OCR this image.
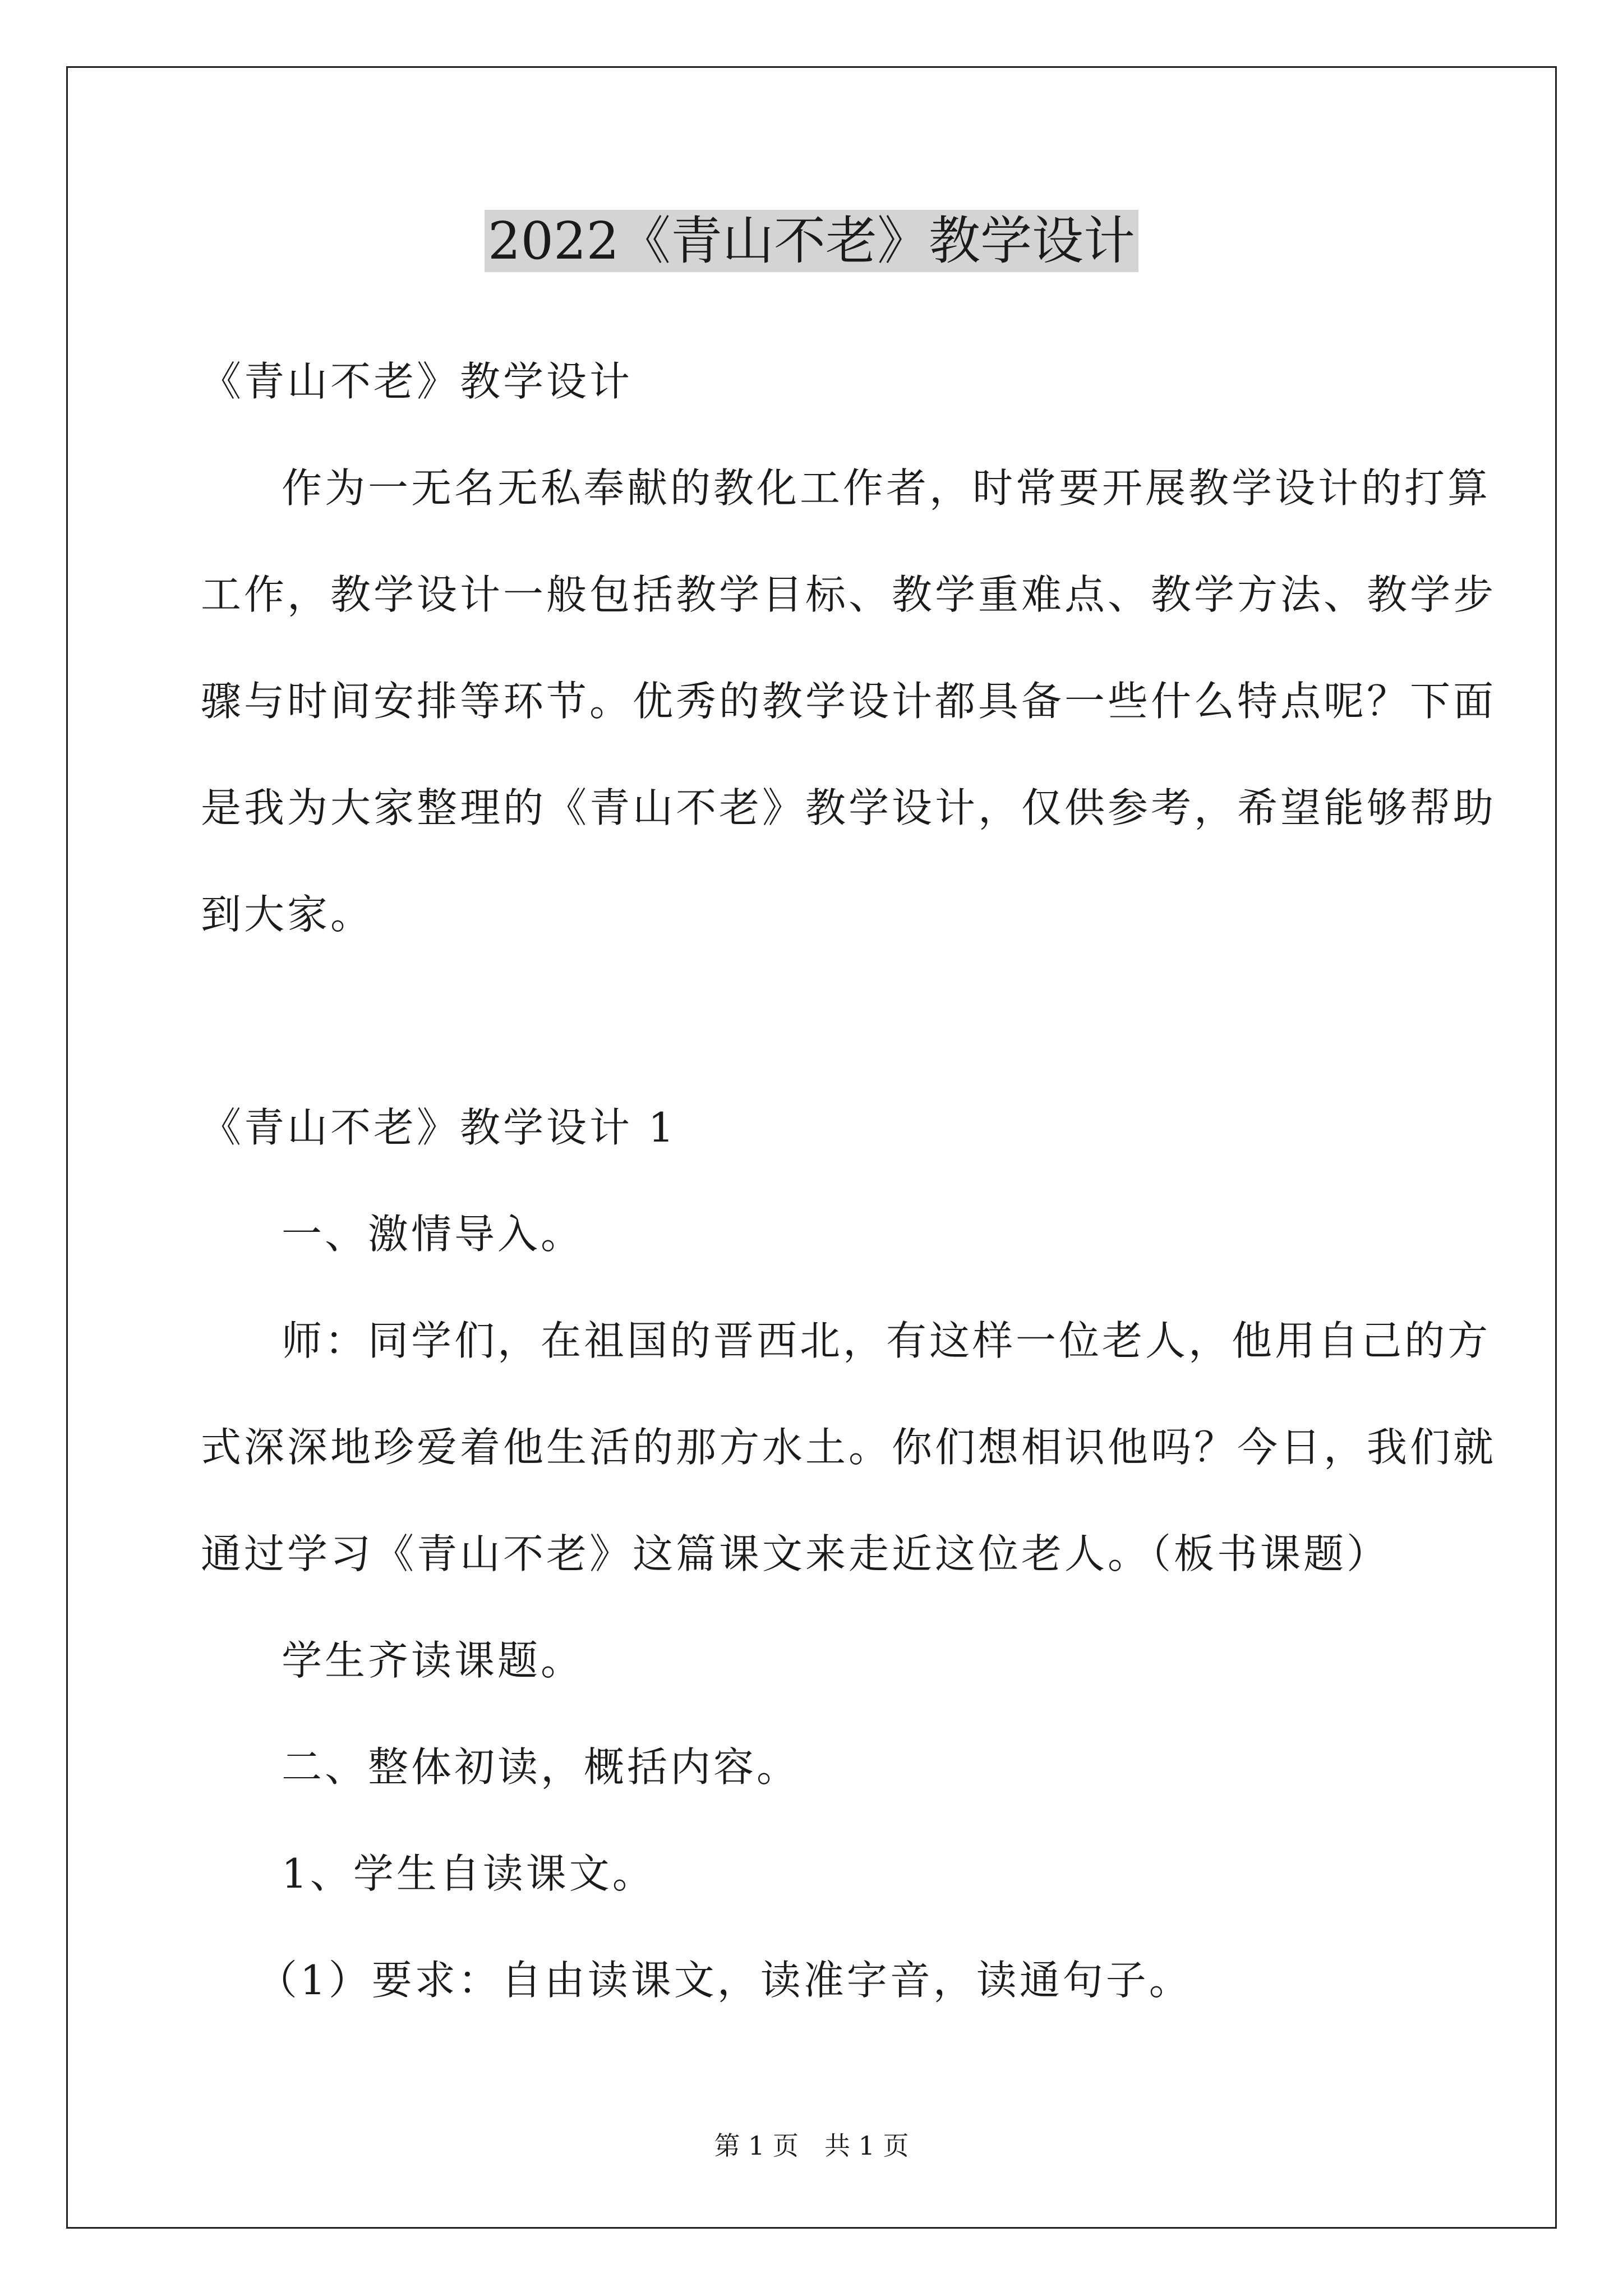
2022《青山不老》教学设计

《青山不老》教学设计

作为一无名无私奉献的教化工作者，时常要开展教学设计的打算

工作，教学设计一般包括教学目标、教学重难点、教学方法、教学步

骤与时间安排等环节。优秀的教学设计都具备一些什么特点呢？下面

是我为大家整理的《青山不老》教学设计，仅供参考，希望能够帮助

到大家。

《青山不老》教学设计 1

一、激情导入。

师：同学们，在祖国的晋西北，有这样一位老人，他用自己的方

式深深地珍爱着他生活的那方水土。你们想相识他吗？今日，我们就

通过学习《青山不老》这篇课文来走近这位老人。（板书课题）

学生齐读课题。

二、整体初读，概括内容。

1、学生自读课文。

（1）要求：自由读课文，读准字音，读通句子。

第 1 页　共 1 页
